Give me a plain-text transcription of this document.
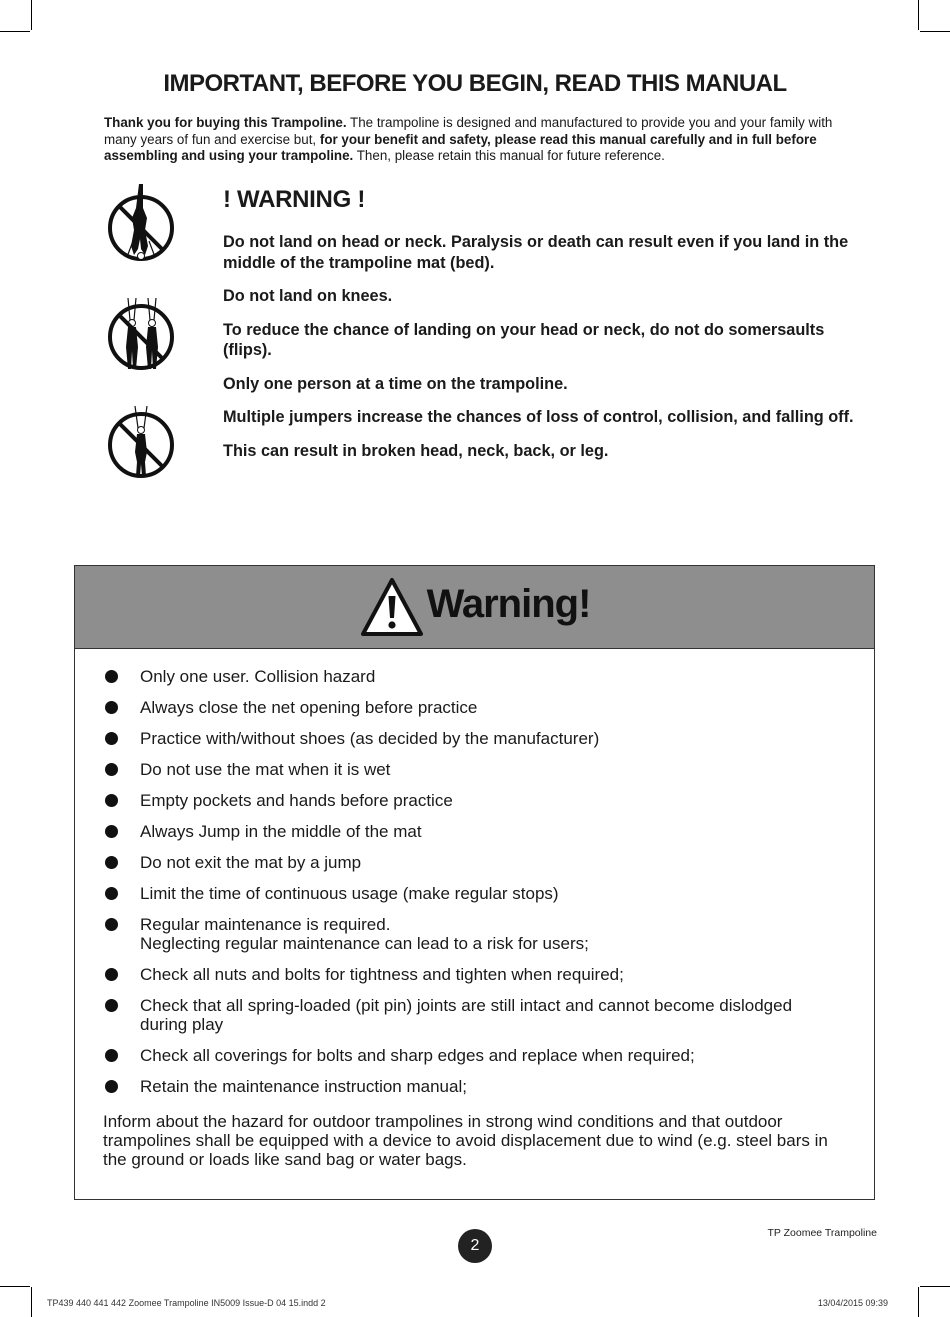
IMPORTANT, BEFORE YOU BEGIN, READ THIS MANUAL

Thank you for buying this Trampoline. The trampoline is designed and manufactured to provide you and your family with many years of fun and exercise but, for your benefit and safety, please read this manual carefully and in full before assembling and using your trampoline. Then, please retain this manual for future reference.

! WARNING !
Do not land on head or neck. Paralysis or death can result even if you land in the middle of the trampoline mat (bed).
Do not land on knees.
To reduce the chance of landing on your head or neck, do not do somersaults (flips).
Only one person at a time on the trampoline.
Multiple jumpers increase the chances of loss of control, collision, and falling off.
This can result in broken head, neck, back, or leg.
Warning!
Only one user. Collision hazard
Always close the net opening before practice
Practice with/without shoes (as decided by the manufacturer)
Do not use the mat when it is wet
Empty pockets and hands before practice
Always Jump in the middle of the mat
Do not exit the mat by a jump
Limit the time of continuous usage (make regular stops)
Regular maintenance is required.
Neglecting regular maintenance can lead to a risk for users;
Check all nuts and bolts for tightness and tighten when required;
Check that all spring-loaded (pit pin) joints are still intact and cannot become dislodged during play
Check all coverings for bolts and sharp edges and replace when required;
Retain the maintenance instruction manual;

Inform about the hazard for outdoor trampolines in strong wind conditions and that outdoor trampolines shall be equipped with a device to avoid displacement due to wind (e.g. steel bars in the ground or loads like sand bag or water bags.

2
TP Zoomee Trampoline
TP439 440 441 442 Zoomee Trampoline IN5009 Issue-D 04 15.indd 2	13/04/2015 09:39
